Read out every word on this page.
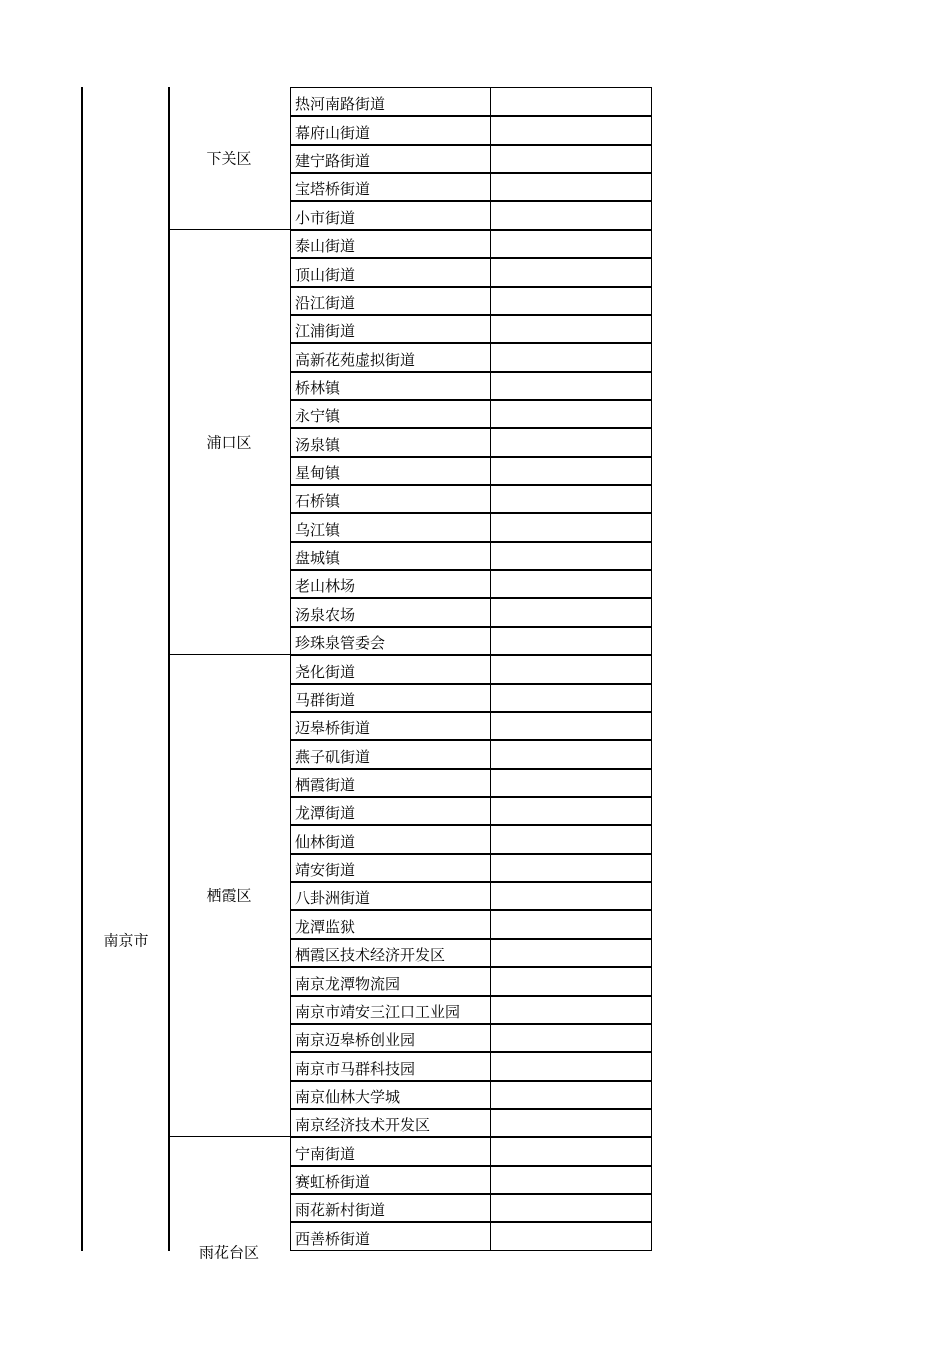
南京市
热河南路街道
幕府山街道
建宁路街道
宝塔桥街道
小市街道
下关区
泰山街道
顶山街道
沿江街道
江浦街道
高新花苑虚拟街道
桥林镇
永宁镇
汤泉镇
星甸镇
石桥镇
乌江镇
盘城镇
老山林场
汤泉农场
珍珠泉管委会
浦口区
尧化街道
马群街道
迈皋桥街道
燕子矶街道
栖霞街道
龙潭街道
仙林街道
靖安街道
八卦洲街道
龙潭监狱
栖霞区技术经济开发区
南京龙潭物流园
南京市靖安三江口工业园
南京迈皋桥创业园
南京市马群科技园
南京仙林大学城
南京经济技术开发区
栖霞区
宁南街道
赛虹桥街道
雨花新村街道
西善桥街道
雨花台区
